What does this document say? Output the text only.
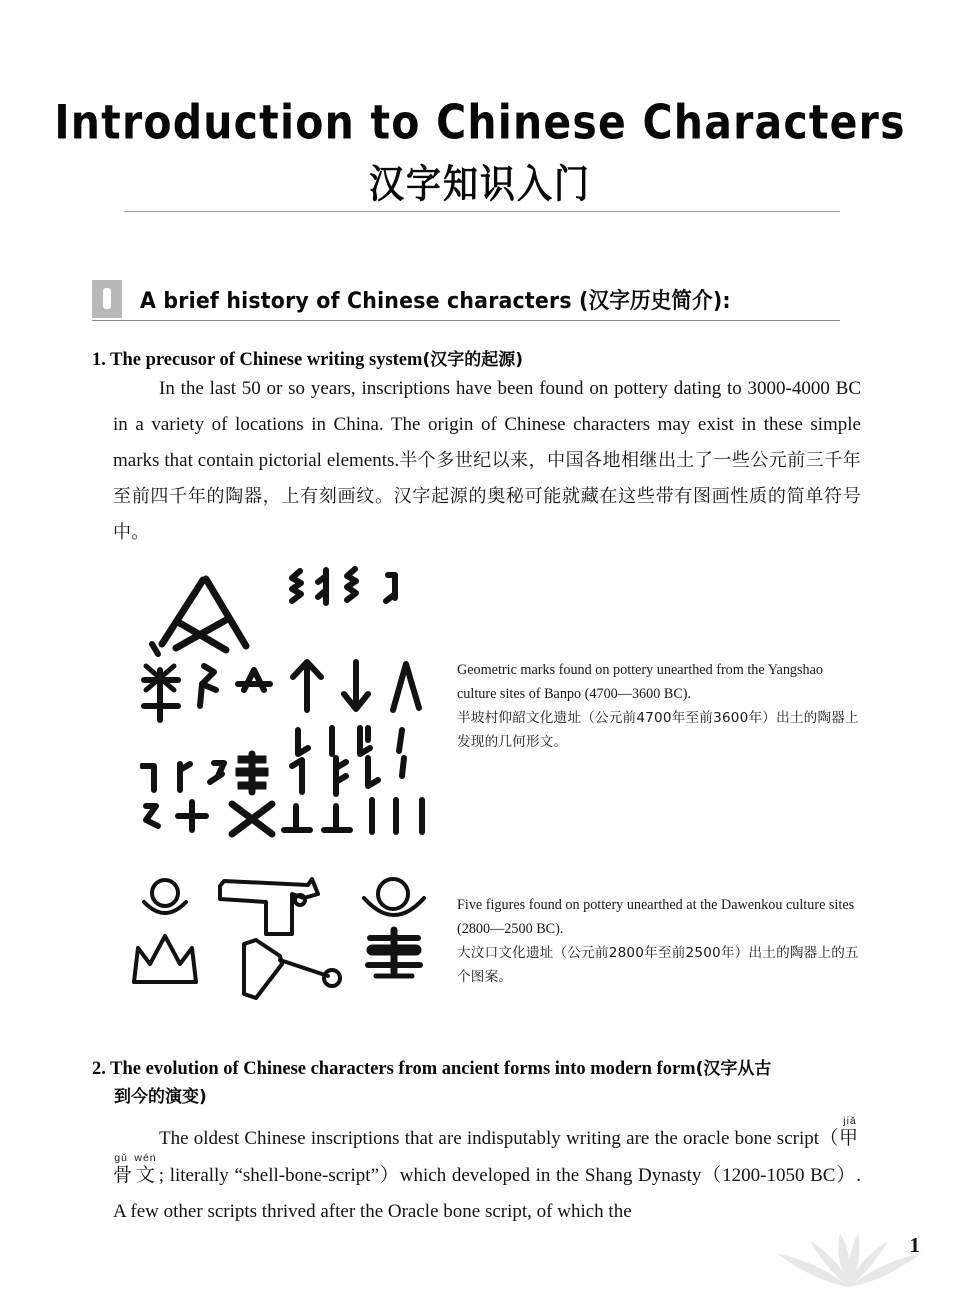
Introduction to Chinese Characters
汉字知识入门
A brief history of Chinese characters (汉字历史简介):
1. The precusor of Chinese writing system(汉字的起源)
In the last 50 or so years, inscriptions have been found on pottery dating to 3000-4000 BC in a variety of locations in China. The origin of Chinese characters may exist in these simple marks that contain pictorial elements.半个多世纪以来，中国各地相继出土了一些公元前三千年至前四千年的陶器，上有刻画纹。汉字起源的奥秘可能就藏在这些带有图画性质的简单符号中。
Geometric marks found on pottery unearthed from the Yangshao culture sites of Banpo (4700—3600 BC).
半坡村仰韶文化遗址（公元前4700年至前3600年）出土的陶器上发现的几何形文。
Five figures found on pottery unearthed at the Dawenkou culture sites (2800—2500 BC).
大汶口文化遗址（公元前2800年至前2500年）出土的陶器上的五个图案。
2. The evolution of Chinese characters from ancient forms into modern form(汉字从古
到今的演变)
The oldest Chinese inscriptions that are indisputably writing are the oracle bone script（甲骨文jiǎ gǔ wén; literally “shell-bone-script”）which developed in the Shang Dynasty（1200-1050 BC）. A few other scripts thrived after the Oracle bone script, of which the
1
